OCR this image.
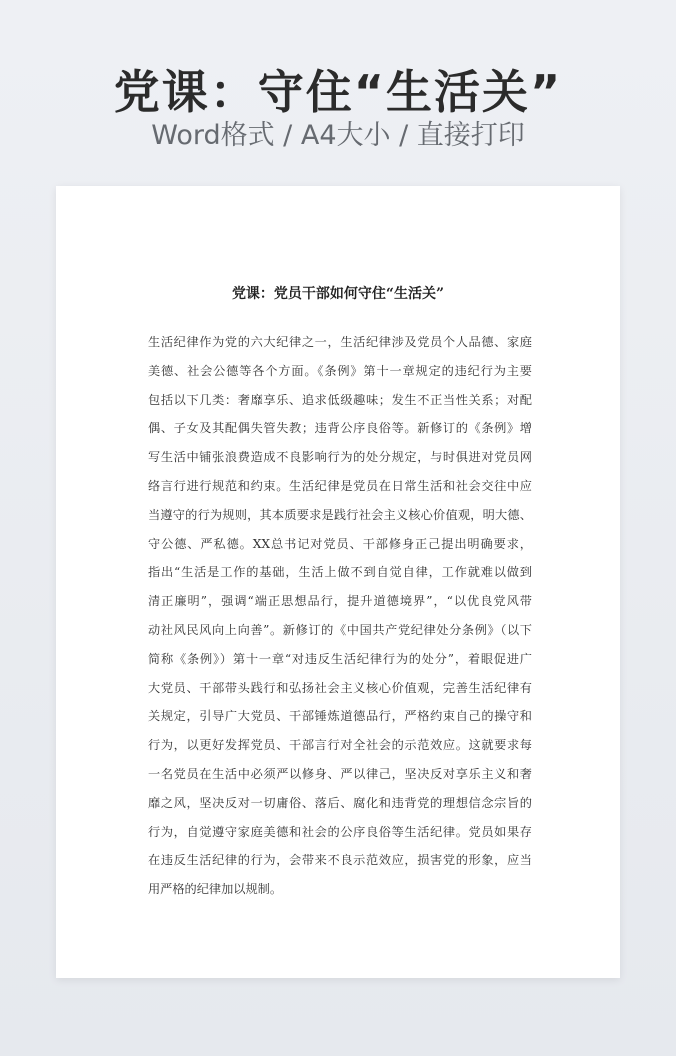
党课：守住“生活关”
Word格式 / A4大小 / 直接打印
党课：党员干部如何守住“生活关”
生活纪律作为党的六大纪律之一，生活纪律涉及党员个人品德、家庭
美德、社会公德等各个方面。《条例》第十一章规定的违纪行为主要
包括以下几类：奢靡享乐、追求低级趣味；发生不正当性关系；对配
偶、子女及其配偶失管失教；违背公序良俗等。新修订的《条例》增
写生活中铺张浪费造成不良影响行为的处分规定，与时俱进对党员网
络言行进行规范和约束。生活纪律是党员在日常生活和社会交往中应
当遵守的行为规则，其本质要求是践行社会主义核心价值观，明大德、
守公德、严私德。XX总书记对党员、干部修身正己提出明确要求，
指出“生活是工作的基础，生活上做不到自觉自律，工作就难以做到
清正廉明”，强调“端正思想品行，提升道德境界”，“以优良党风带
动社风民风向上向善”。新修订的《中国共产党纪律处分条例》（以下
简称《条例》）第十一章“对违反生活纪律行为的处分”，着眼促进广
大党员、干部带头践行和弘扬社会主义核心价值观，完善生活纪律有
关规定，引导广大党员、干部锤炼道德品行，严格约束自己的操守和
行为，以更好发挥党员、干部言行对全社会的示范效应。这就要求每
一名党员在生活中必须严以修身、严以律己，坚决反对享乐主义和奢
靡之风，坚决反对一切庸俗、落后、腐化和违背党的理想信念宗旨的
行为，自觉遵守家庭美德和社会的公序良俗等生活纪律。党员如果存
在违反生活纪律的行为，会带来不良示范效应，损害党的形象，应当
用严格的纪律加以规制。
